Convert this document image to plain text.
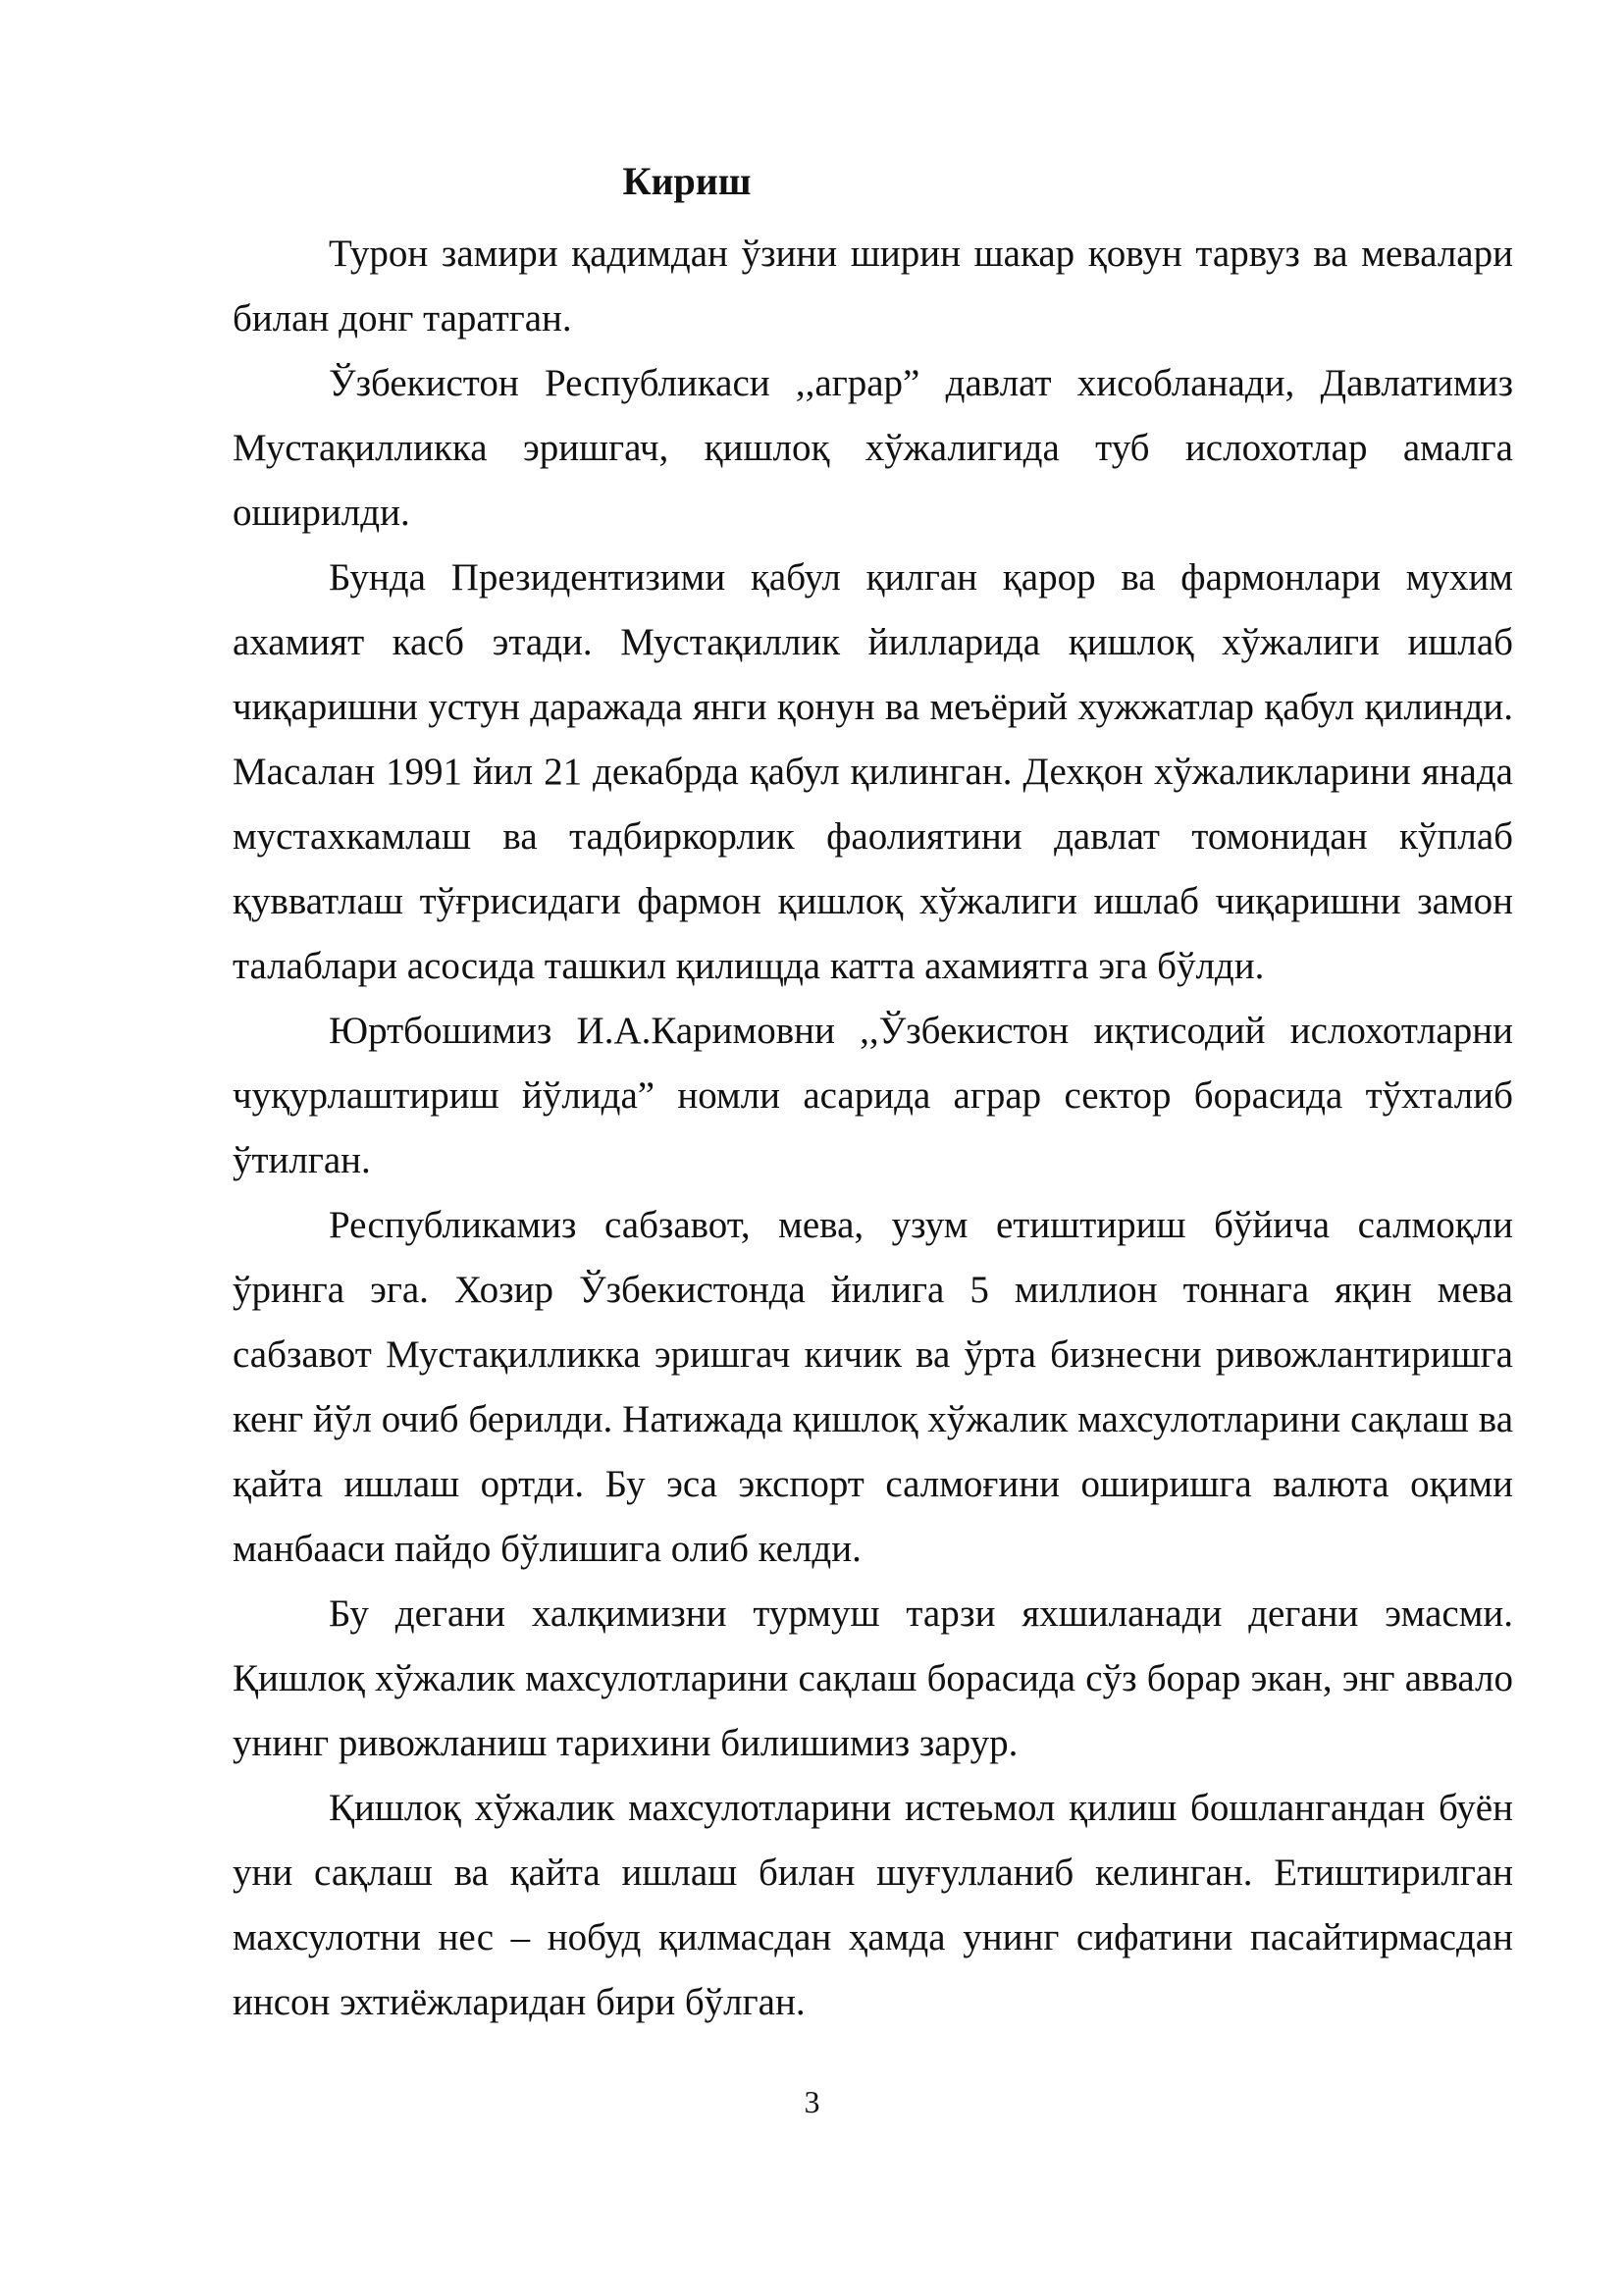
Кириш

Турон замири қадимдан ўзини ширин шакар қовун тарвуз ва мевалари билан донг таратган.

Ўзбекистон Республикаси ,,аграр” давлат хисобланади, Давлатимиз Мустақилликка эришгач, қишлоқ хўжалигида туб ислохотлар амалга оширилди.

Бунда Президентизими қабул қилган қарор ва фармонлари мухим ахамият касб этади. Мустақиллик йилларида қишлоқ хўжалиги ишлаб чиқаришни устун даражада янги қонун ва меъёрий хужжатлар қабул қилинди. Масалан 1991 йил 21 декабрда қабул қилинган. Дехқон хўжаликларини янада мустахкамлаш ва тадбиркорлик фаолиятини давлат томонидан кўплаб қувватлаш тўғрисидаги фармон қишлоқ хўжалиги ишлаб чиқаришни замон талаблари асосида ташкил қилищда катта ахамиятга эга бўлди.

Юртбошимиз И.А.Каримовни ,,Ўзбекистон иқтисодий ислохотларни чуқурлаштириш йўлида” номли асарида аграр сектор борасида тўхталиб ўтилган.

Республикамиз сабзавот, мева, узум етиштириш бўйича салмоқли ўринга эга. Хозир Ўзбекистонда йилига 5 миллион тоннага яқин мева сабзавот Мустақилликка эришгач кичик ва ўрта бизнесни ривожлантиришга кенг йўл очиб берилди. Натижада қишлоқ хўжалик махсулотларини сақлаш ва қайта ишлаш ортди. Бу эса экспорт салмоғини оширишга валюта оқими манбааси пайдо бўлишига олиб келди.

Бу дегани халқимизни турмуш тарзи яхшиланади дегани эмасми. Қишлоқ хўжалик махсулотларини сақлаш борасида сўз борар экан, энг аввало унинг ривожланиш тарихини билишимиз зарур.

Қишлоқ хўжалик махсулотларини истеьмол қилиш бошлангандан буён уни сақлаш ва қайта ишлаш билан шуғулланиб келинган. Етиштирилган махсулотни нес – нобуд қилмасдан ҳамда унинг сифатини пасайтирмасдан инсон эхтиёжларидан бири бўлган.

3
